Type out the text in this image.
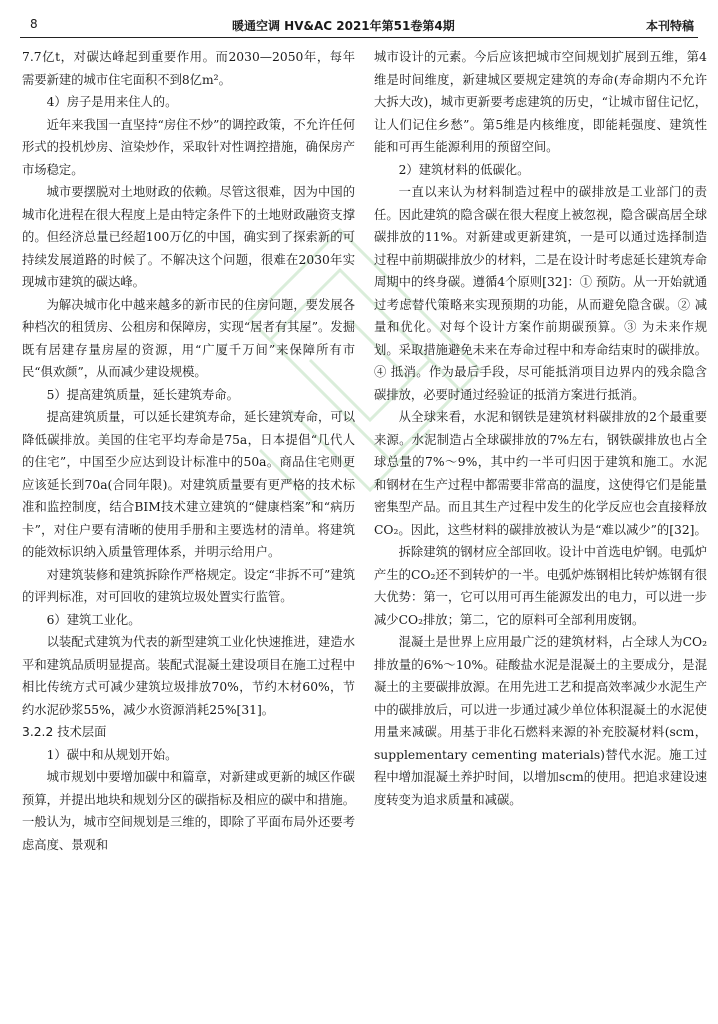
8	暖通空调 HV&AC 2021年第51卷第4期	本刊特稿

7.7亿t，对碳达峰起到重要作用。而2030—2050年，每年需要新建的城市住宅面积不到8亿m²。

4）房子是用来住人的。

近年来我国一直坚持“房住不炒”的调控政策，不允许任何形式的投机炒房、渲染炒作，采取针对性调控措施，确保房产市场稳定。

城市要摆脱对土地财政的依赖。尽管这很难，因为中国的城市化进程在很大程度上是由特定条件下的土地财政融资支撑的。但经济总量已经超100万亿的中国，确实到了探索新的可持续发展道路的时候了。不解决这个问题，很难在2030年实现城市建筑的碳达峰。

为解决城市化中越来越多的新市民的住房问题，要发展各种档次的租赁房、公租房和保障房，实现“居者有其屋”。发掘既有居建存量房屋的资源，用“广厦千万间”来保障所有市民“俱欢颜”，从而减少建设规模。

5）提高建筑质量，延长建筑寿命。

提高建筑质量，可以延长建筑寿命，延长建筑寿命，可以降低碳排放。美国的住宅平均寿命是75a，日本提倡“几代人的住宅”，中国至少应达到设计标准中的50a。商品住宅则更应该延长到70a(合同年限)。对建筑质量要有更严格的技术标准和监控制度，结合BIM技术建立建筑的“健康档案”和“病历卡”，对住户要有清晰的使用手册和主要选材的清单。将建筑的能效标识纳入质量管理体系，并明示给用户。

对建筑装修和建筑拆除作严格规定。设定“非拆不可”建筑的评判标准，对可回收的建筑垃圾处置实行监管。

6）建筑工业化。

以装配式建筑为代表的新型建筑工业化快速推进，建造水平和建筑品质明显提高。装配式混凝土建设项目在施工过程中相比传统方式可减少建筑垃圾排放70%，节约木材60%，节约水泥砂浆55%，减少水资源消耗25%[31]。

3.2.2 技术层面

1）碳中和从规划开始。

城市规划中要增加碳中和篇章，对新建或更新的城区作碳预算，并提出地块和规划分区的碳指标及相应的碳中和措施。一般认为，城市空间规划是三维的，即除了平面布局外还要考虑高度、景观和

城市设计的元素。今后应该把城市空间规划扩展到五维，第4维是时间维度，新建城区要规定建筑的寿命(寿命期内不允许大拆大改)，城市更新要考虑建筑的历史，“让城市留住记忆，让人们记住乡愁”。第5维是内核维度，即能耗强度、建筑性能和可再生能源利用的预留空间。

2）建筑材料的低碳化。

一直以来认为材料制造过程中的碳排放是工业部门的责任。因此建筑的隐含碳在很大程度上被忽视，隐含碳高居全球碳排放的11%。对新建或更新建筑，一是可以通过选择制造过程中前期碳排放少的材料，二是在设计时考虑延长建筑寿命周期中的终身碳。遵循4个原则[32]：① 预防。从一开始就通过考虑替代策略来实现预期的功能，从而避免隐含碳。② 减量和优化。对每个设计方案作前期碳预算。③ 为未来作规划。采取措施避免未来在寿命过程中和寿命结束时的碳排放。④ 抵消。作为最后手段，尽可能抵消项目边界内的残余隐含碳排放，必要时通过经验证的抵消方案进行抵消。

从全球来看，水泥和钢铁是建筑材料碳排放的2个最重要来源。水泥制造占全球碳排放的7%左右，钢铁碳排放也占全球总量的7%～9%，其中约一半可归因于建筑和施工。水泥和钢材在生产过程中都需要非常高的温度，这使得它们是能量密集型产品。而且其生产过程中发生的化学反应也会直接释放CO₂。因此，这些材料的碳排放被认为是“难以减少”的[32]。

拆除建筑的钢材应全部回收。设计中首选电炉钢。电弧炉产生的CO₂还不到转炉的一半。电弧炉炼钢相比转炉炼钢有很大优势：第一，它可以用可再生能源发出的电力，可以进一步减少CO₂排放；第二，它的原料可全部利用废钢。

混凝土是世界上应用最广泛的建筑材料，占全球人为CO₂排放量的6%～10%。硅酸盐水泥是混凝土的主要成分，是混凝土的主要碳排放源。在用先进工艺和提高效率减少水泥生产中的碳排放后，可以进一步通过减少单位体积混凝土的水泥使用量来减碳。用基于非化石燃料来源的补充胶凝材料(scm，supplementary cementing materials)替代水泥。施工过程中增加混凝土养护时间，以增加scm的使用。把追求建设速度转变为追求质量和减碳。
